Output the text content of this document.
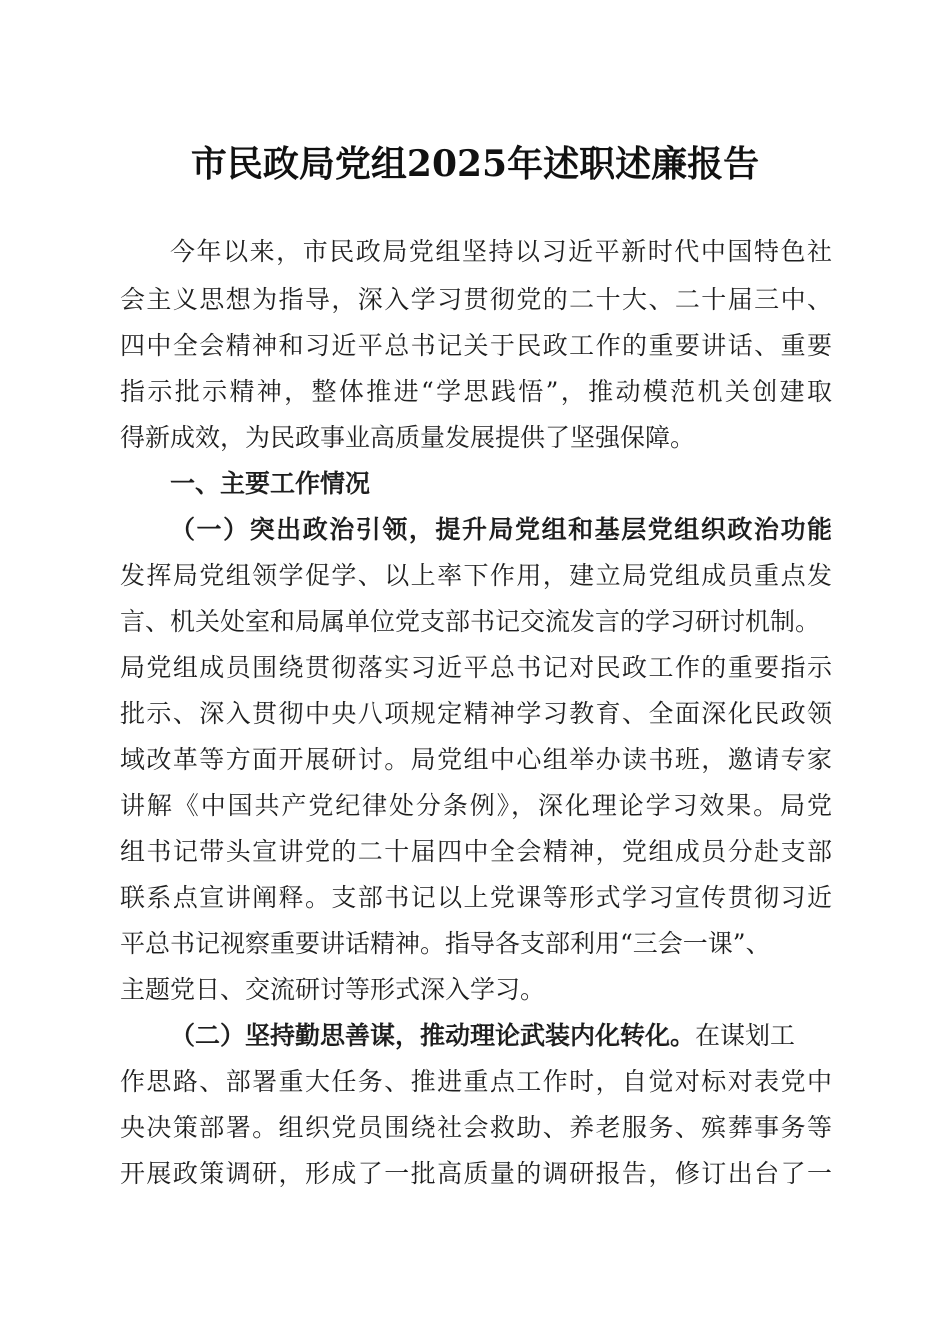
市民政局党组2025年述职述廉报告
今年以来，市民政局党组坚持以习近平新时代中国特色社
会主义思想为指导，深入学习贯彻党的二十大、二十届三中、
四中全会精神和习近平总书记关于民政工作的重要讲话、重要
指示批示精神，整体推进“学思践悟”，推动模范机关创建取
得新成效，为民政事业高质量发展提供了坚强保障。
一、主要工作情况
（一）突出政治引领，提升局党组和基层党组织政治功能
发挥局党组领学促学、以上率下作用，建立局党组成员重点发
言、机关处室和局属单位党支部书记交流发言的学习研讨机制。
局党组成员围绕贯彻落实习近平总书记对民政工作的重要指示
批示、深入贯彻中央八项规定精神学习教育、全面深化民政领
域改革等方面开展研讨。局党组中心组举办读书班，邀请专家
讲解《中国共产党纪律处分条例》，深化理论学习效果。局党
组书记带头宣讲党的二十届四中全会精神，党组成员分赴支部
联系点宣讲阐释。支部书记以上党课等形式学习宣传贯彻习近
平总书记视察重要讲话精神。指导各支部利用“三会一课”、
主题党日、交流研讨等形式深入学习。
（二）坚持勤思善谋，推动理论武装内化转化。在谋划工
作思路、部署重大任务、推进重点工作时，自觉对标对表党中
央决策部署。组织党员围绕社会救助、养老服务、殡葬事务等
开展政策调研，形成了一批高质量的调研报告，修订出台了一
